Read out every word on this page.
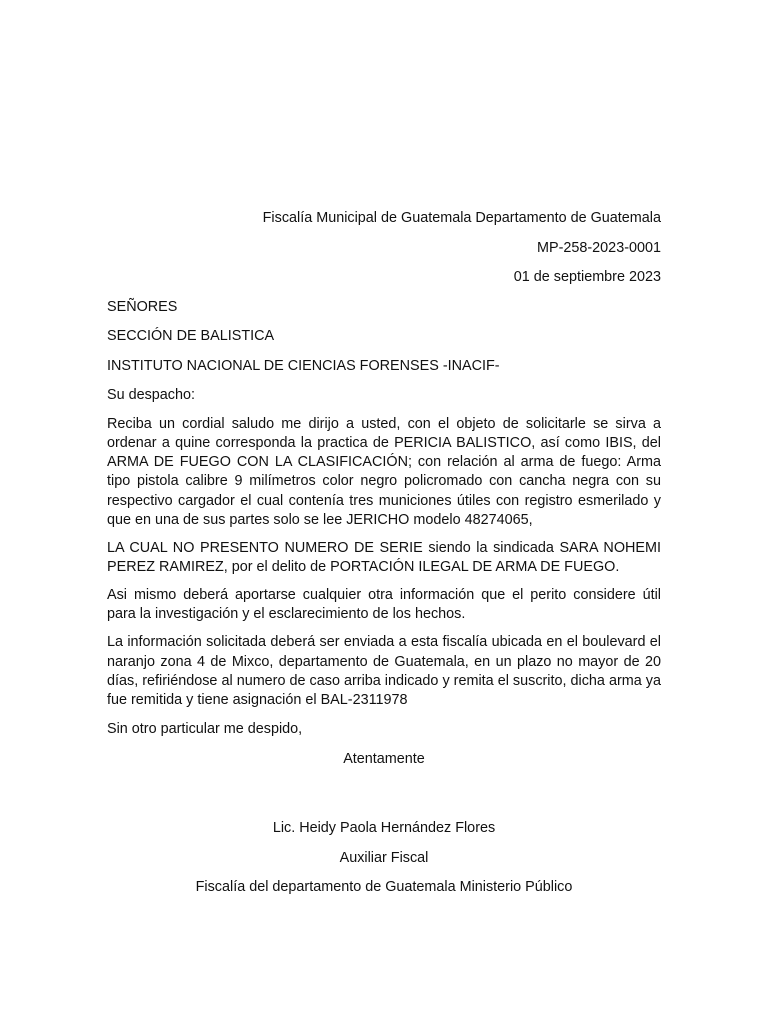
Fiscalía Municipal de Guatemala Departamento de Guatemala
MP-258-2023-0001
01 de septiembre 2023
SEÑORES
SECCIÓN DE BALISTICA
INSTITUTO NACIONAL DE CIENCIAS FORENSES -INACIF-
Su despacho:
Reciba un cordial saludo me dirijo a usted, con el objeto de solicitarle se sirva a ordenar a quine corresponda la practica de PERICIA BALISTICO, así como IBIS, del ARMA DE FUEGO CON LA CLASIFICACIÓN; con relación al arma de fuego: Arma tipo pistola calibre 9 milímetros color negro policromado con cancha negra con su respectivo cargador el cual contenía tres municiones útiles con registro esmerilado y que en una de sus partes solo se lee JERICHO modelo 48274065,
LA CUAL NO PRESENTO NUMERO DE SERIE siendo la sindicada SARA NOHEMI PEREZ RAMIREZ, por el delito de PORTACIÓN ILEGAL DE ARMA DE FUEGO.
Asi mismo deberá aportarse cualquier otra información que el perito considere útil para la investigación y el esclarecimiento de los hechos.
La información solicitada deberá ser enviada a esta fiscalía ubicada en el boulevard el naranjo zona 4 de Mixco, departamento de Guatemala, en un plazo no mayor de 20 días, refiriéndose al numero de caso arriba indicado y remita el suscrito, dicha arma ya fue remitida y tiene asignación el BAL-2311978
Sin otro particular me despido,
Atentamente
Lic. Heidy Paola Hernández Flores
Auxiliar Fiscal
Fiscalía del departamento de Guatemala Ministerio Público
